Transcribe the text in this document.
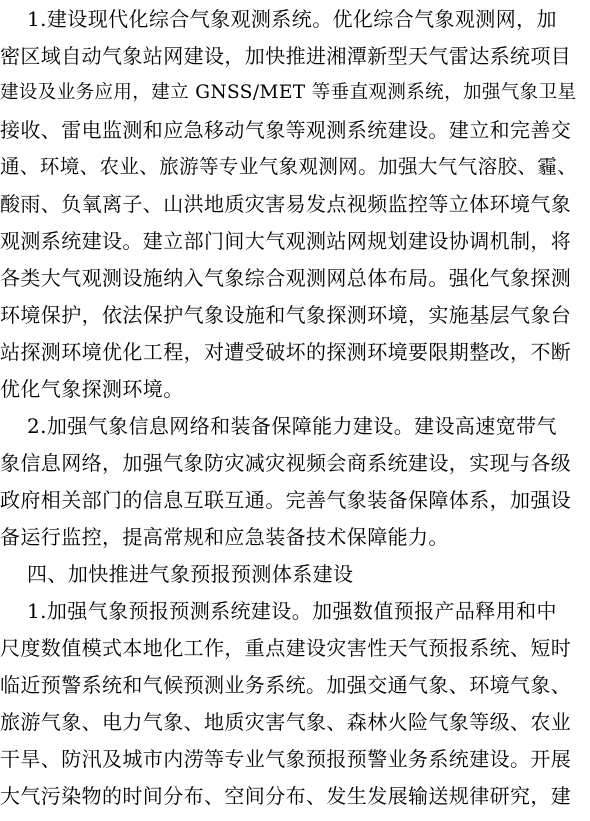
1.建设现代化综合气象观测系统。优化综合气象观测网，加
密区域自动气象站网建设，加快推进湘潭新型天气雷达系统项目
建设及业务应用，建立 GNSS/MET 等垂直观测系统，加强气象卫星
接收、雷电监测和应急移动气象等观测系统建设。建立和完善交
通、环境、农业、旅游等专业气象观测网。加强大气气溶胶、霾、
酸雨、负氧离子、山洪地质灾害易发点视频监控等立体环境气象
观测系统建设。建立部门间大气观测站网规划建设协调机制，将
各类大气观测设施纳入气象综合观测网总体布局。强化气象探测
环境保护，依法保护气象设施和气象探测环境，实施基层气象台
站探测环境优化工程，对遭受破坏的探测环境要限期整改，不断
优化气象探测环境。
2.加强气象信息网络和装备保障能力建设。建设高速宽带气
象信息网络，加强气象防灾减灾视频会商系统建设，实现与各级
政府相关部门的信息互联互通。完善气象装备保障体系，加强设
备运行监控，提高常规和应急装备技术保障能力。
四、加快推进气象预报预测体系建设
1.加强气象预报预测系统建设。加强数值预报产品释用和中
尺度数值模式本地化工作，重点建设灾害性天气预报系统、短时
临近预警系统和气候预测业务系统。加强交通气象、环境气象、
旅游气象、电力气象、地质灾害气象、森林火险气象等级、农业
干旱、防汛及城市内涝等专业气象预报预警业务系统建设。开展
大气污染物的时间分布、空间分布、发生发展输送规律研究，建
